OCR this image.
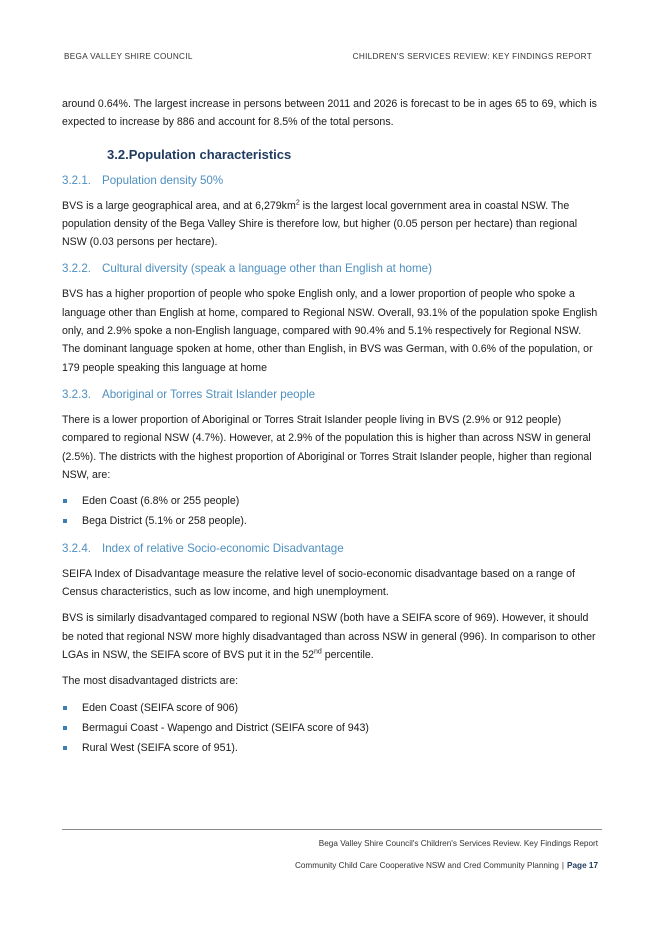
BEGA VALLEY SHIRE COUNCIL	CHILDREN'S SERVICES REVIEW: KEY FINDINGS REPORT

around 0.64%. The largest increase in persons between 2011 and 2026 is forecast to be in ages 65 to 69, which is expected to increase by 886 and account for 8.5% of the total persons.

3.2.Population characteristics
3.2.1. Population density 50%

BVS is a large geographical area, and at $6,279km^2$ is the largest local government area in coastal NSW. The population density of the Bega Valley Shire is therefore low, but higher (0.05 person per hectare) than regional NSW (0.03 persons per hectare).

3.2.2. Cultural diversity (speak a language other than English at home)

BVS has a higher proportion of people who spoke English only, and a lower proportion of people who spoke a language other than English at home, compared to Regional NSW. Overall, 93.1% of the population spoke English only, and 2.9% spoke a non-English language, compared with 90.4% and 5.1% respectively for Regional NSW. The dominant language spoken at home, other than English, in BVS was German, with 0.6% of the population, or 179 people speaking this language at home

3.2.3. Aboriginal or Torres Strait Islander people

There is a lower proportion of Aboriginal or Torres Strait Islander people living in BVS (2.9% or 912 people) compared to regional NSW (4.7%). However, at 2.9% of the population this is higher than across NSW in general (2.5%). The districts with the highest proportion of Aboriginal or Torres Strait Islander people, higher than regional NSW, are:

Eden Coast (6.8% or 255 people)
Bega District (5.1% or 258 people).
3.2.4. Index of relative Socio-economic Disadvantage

SEIFA Index of Disadvantage measure the relative level of socio-economic disadvantage based on a range of Census characteristics, such as low income, and high unemployment.

BVS is similarly disadvantaged compared to regional NSW (both have a SEIFA score of 969). However, it should be noted that regional NSW more highly disadvantaged than across NSW in general (996). In comparison to other LGAs in NSW, the SEIFA score of BVS put it in the 52nd percentile.

The most disadvantaged districts are:

Eden Coast (SEIFA score of 906)
Bermagui Coast - Wapengo and District (SEIFA score of 943)
Rural West (SEIFA score of 951).
Bega Valley Shire Council's Children's Services Review. Key Findings Report
Community Child Care Cooperative NSW and Cred Community Planning | Page 17
